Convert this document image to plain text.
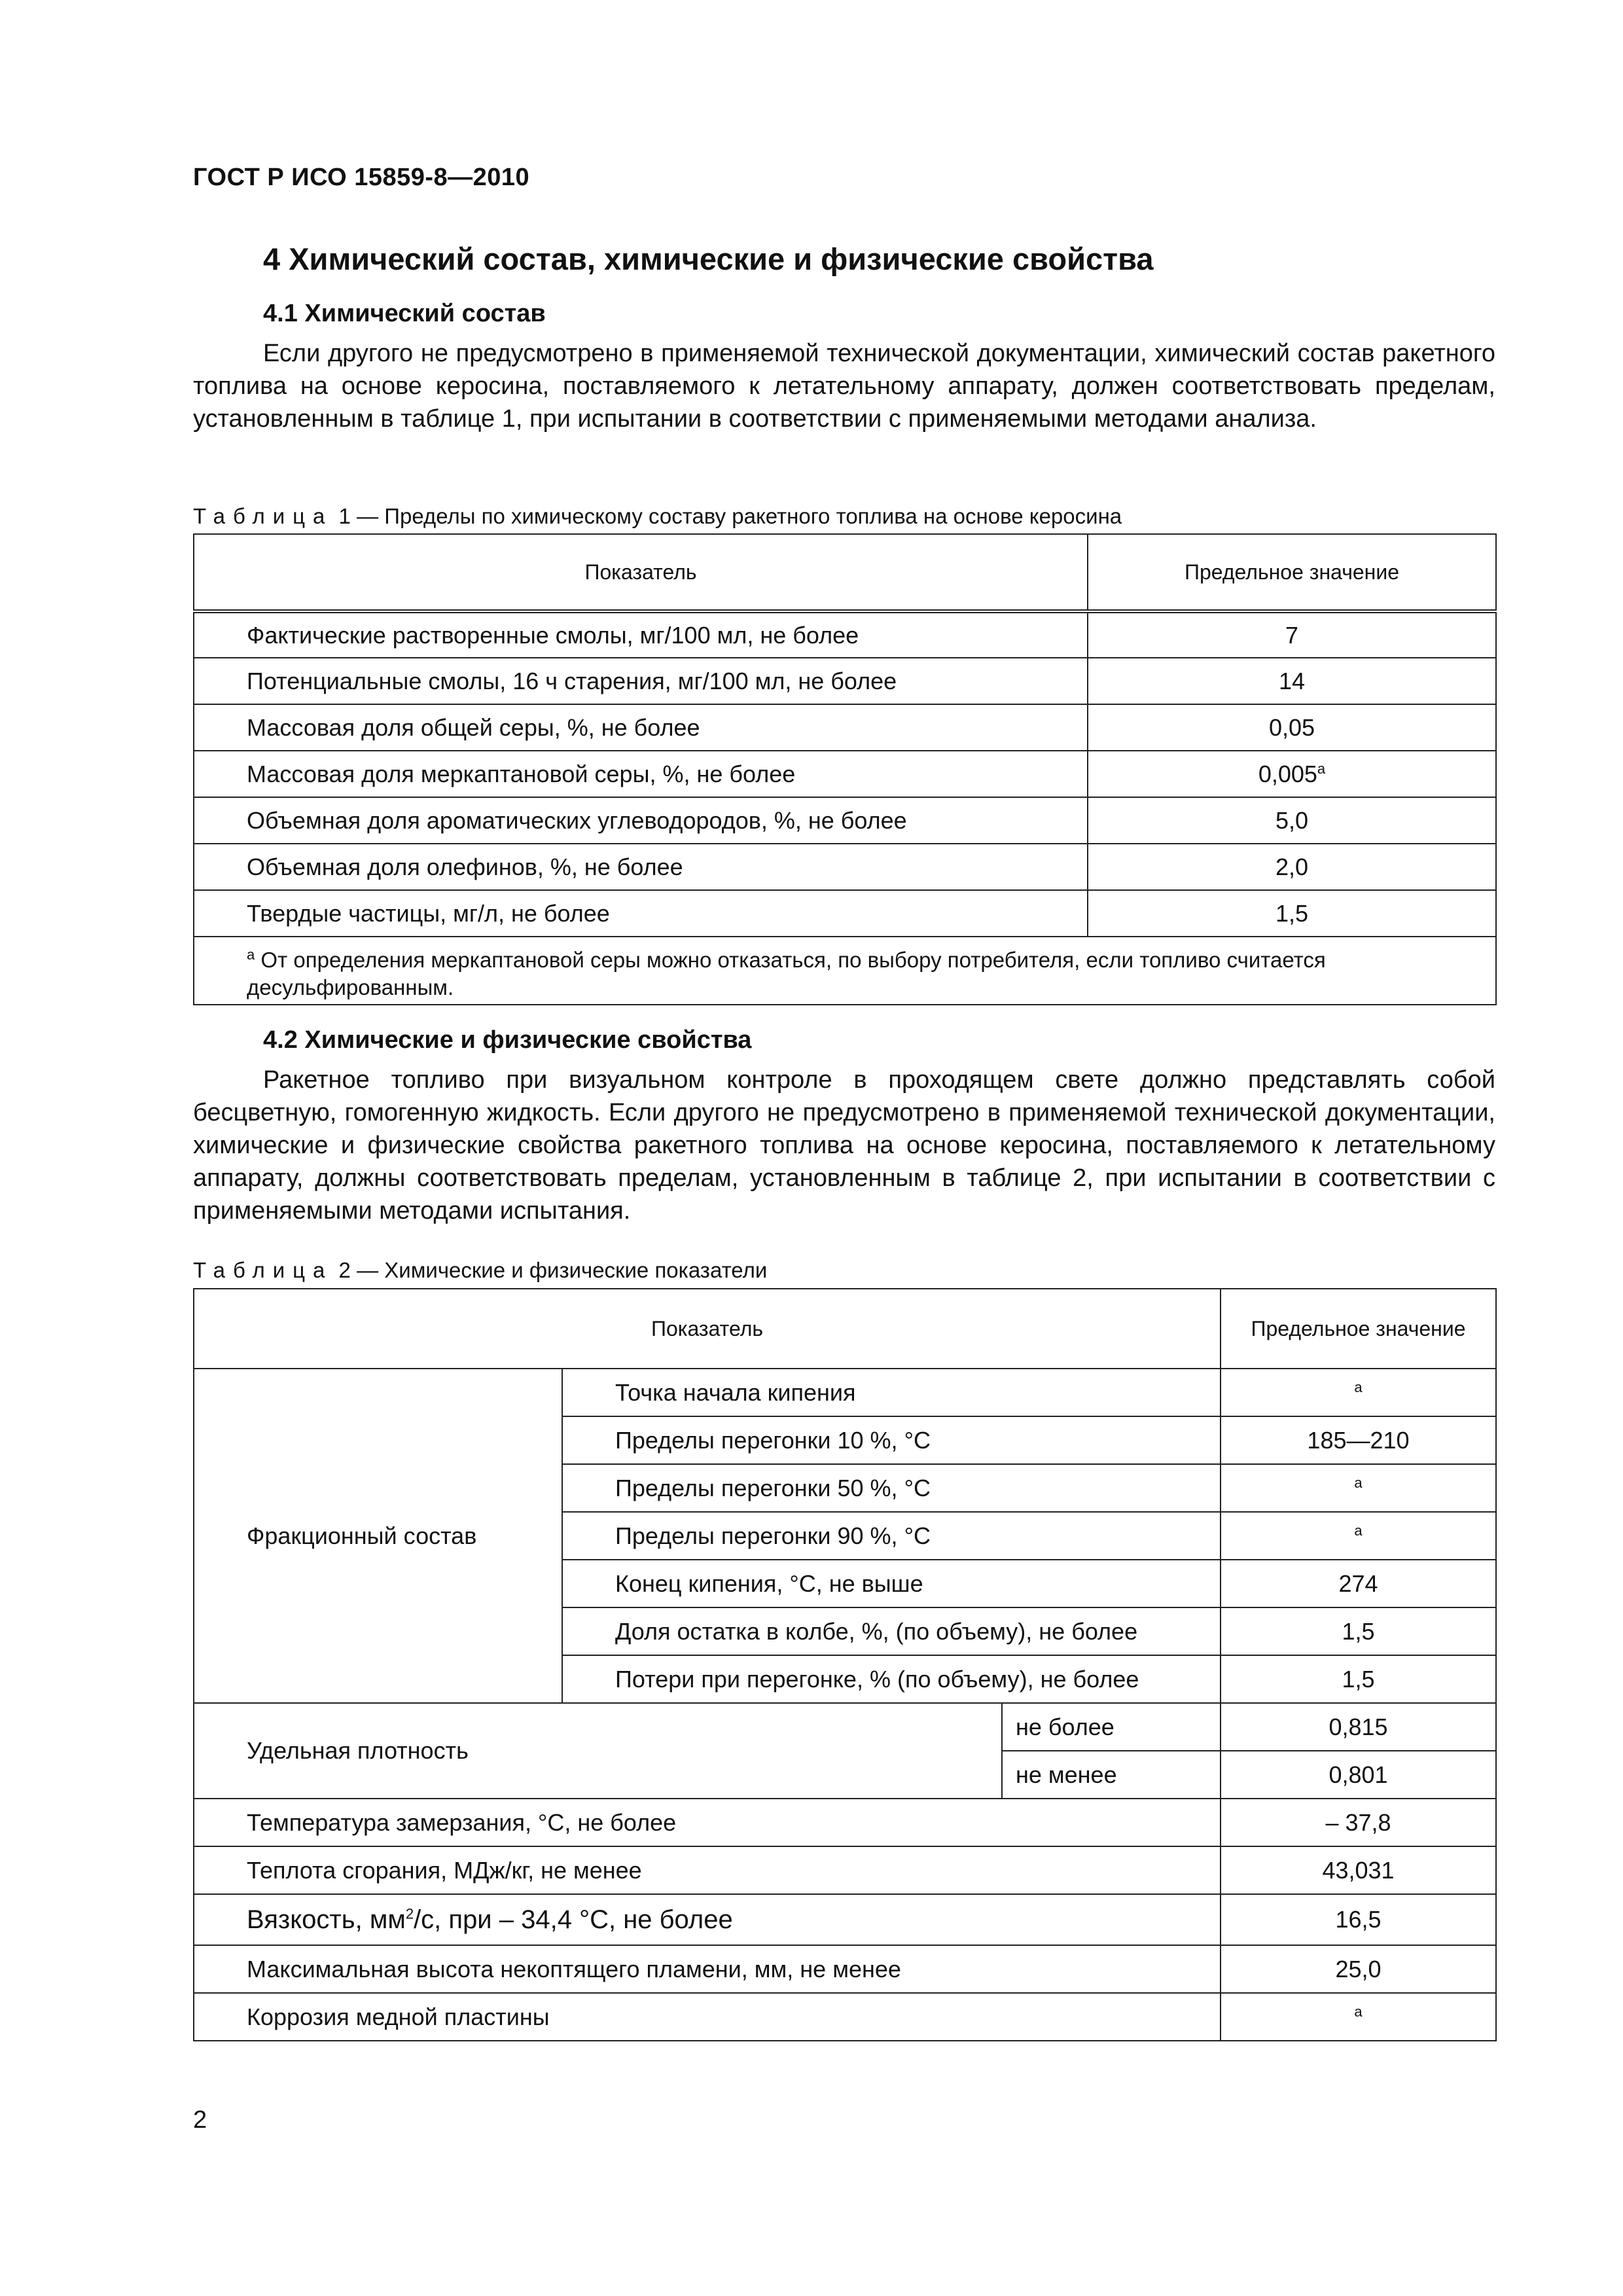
ГОСТ Р ИСО 15859-8—2010
4 Химический состав, химические и физические свойства
4.1 Химический состав

Если другого не предусмотрено в применяемой технической документации, химический состав ракетного топлива на основе керосина, поставляемого к летательному аппарату, должен соответствовать пределам, установленным в таблице 1, при испытании в соответствии с применяемыми методами анализа.

Таблица 1 — Пределы по химическому составу ракетного топлива на основе керосина
Показатель	Предельное значение
Фактические растворенные смолы, мг/100 мл, не более	7
Потенциальные смолы, 16 ч старения, мг/100 мл, не более	14
Массовая доля общей серы, %, не более	0,05
Массовая доля меркаптановой серы, %, не более	0,005$^a$
Объемная доля ароматических углеводородов, %, не более	5,0
Объемная доля олефинов, %, не более	2,0
Твердые частицы, мг/л, не более	1,5
$^a$ От определения меркаптановой серы можно отказаться, по выбору потребителя, если топливо считается десульфированным.	
4.2 Химические и физические свойства

Ракетное топливо при визуальном контроле в проходящем свете должно представлять собой бесцветную, гомогенную жидкость. Если другого не предусмотрено в применяемой технической документации, химические и физические свойства ракетного топлива на основе керосина, поставляемого к летательному аппарату, должны соответствовать пределам, установленным в таблице 2, при испытании в соответствии с применяемыми методами испытания.

Таблица 2 — Химические и физические показатели
Показатель			Предельное значение
Фракционный состав	Точка начала кипения		$^a$
	Пределы перегонки 10 %, °С		185—210
	Пределы перегонки 50 %, °С		$^a$
	Пределы перегонки 90 %, °С		$^a$
	Конец кипения, °С, не выше		274
	Доля остатка в колбе, %, (по объему), не более		1,5
	Потери при перегонке, % (по объему), не более		1,5
Удельная плотность		не более	0,815
		не менее	0,801
Температура замерзания, °С, не более			– 37,8
Теплота сгорания, МДж/кг, не менее			43,031
Вязкость, $мм^2/с$, при – 34,4 °С, не более			16,5
Максимальная высота некоптящего пламени, мм, не менее			25,0
Коррозия медной пластины			$^a$
2
